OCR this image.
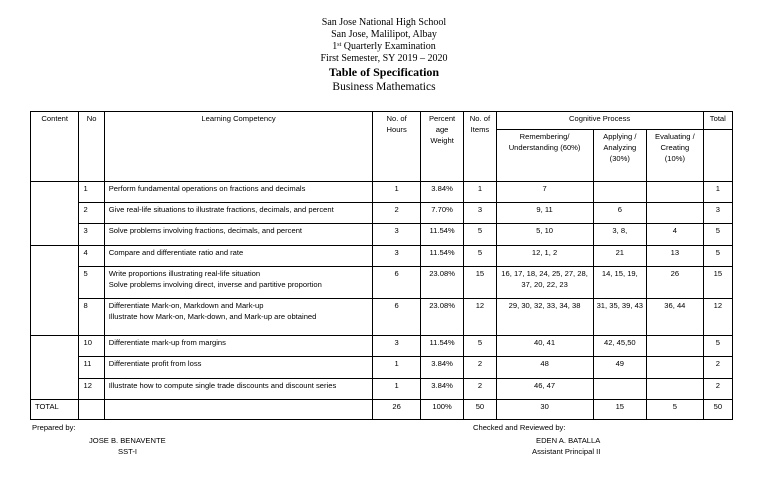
San Jose National High School
San Jose, Malilipot, Albay
1st Quarterly Examination
First Semester, SY 2019 – 2020
Table of Specification
Business Mathematics
Content	No	Learning Competency	No. of Hours	Percent age Weight	No. of Items	Cognitive Process			Total
						Remembering/ Understanding (60%)	Applying / Analyzing (30%)	Evaluating / Creating (10%)	
	1	Perform fundamental operations on fractions and decimals	1	3.84%	1	7			1
	2	Give real-life situations to illustrate fractions, decimals, and percent	2	7.70%	3	9, 11	6		3
	3	Solve problems involving fractions, decimals, and percent	3	11.54%	5	5, 10	3, 8,	4	5
	4	Compare and differentiate ratio and rate	3	11.54%	5	12, 1, 2	21	13	5
	5	Write proportions illustrating real-life situation
Solve problems involving direct, inverse and partitive proportion	6	23.08%	15	16, 17, 18, 24, 25, 27, 28, 37, 20, 22, 23	14, 15, 19,	26	15
	8	Differentiate Mark-on, Markdown and Mark-up
Illustrate how Mark-on, Mark-down, and Mark-up are obtained	6	23.08%	12	29, 30, 32, 33, 34, 38	31, 35, 39, 43	36, 44	12
	10	Differentiate mark-up from margins	3	11.54%	5	40, 41	42, 45,50		5
	11	Differentiate profit from loss	1	3.84%	2	48	49		2
	12	Illustrate how to compute single trade discounts and discount series	1	3.84%	2	46, 47			2
TOTAL			26	100%	50	30	15	5	50
Prepared by:
JOSE B. BENAVENTE
SST-I
Checked and Reviewed by:
EDEN A. BATALLA
Assistant Principal II
